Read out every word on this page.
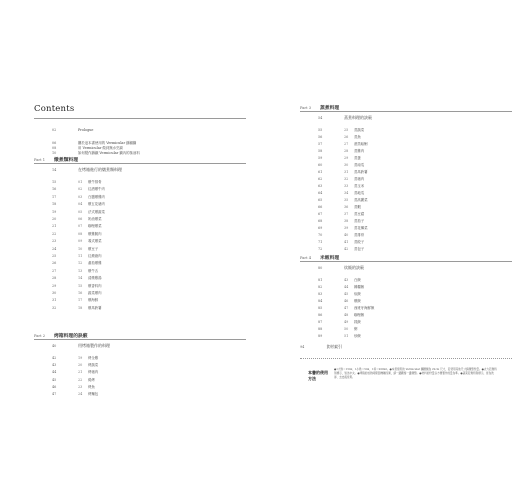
Contents
02	Prologue
06	關於這本書使用的 Vermicular 鑄鐵鍋
08	用 Vermicular 做到無水烹調
10	如何製作鑄鐵 Vermicular 鍋內的抹油料
Part 1 燉煮類料理
14	在烤箱進行的燉煮類料理
15	01 燉牛排骨
16	02 紅酒燉牛肉
17	03 白醬燉雞肉
18	04 燉五花豬肉
19	05 法式燉蔬菜
20	06 奶油燉菜
21	07 咖哩燉菜
22	08 燉雞腿肉
23	09 義式燉菜
24	10 燉豆子
25	11 紅燒豬肉
26	12 番茄燉雞
27	13 燉牛舌
28	14 清燉雞湯
29	15 燉香料肉
30	16 蔬菜燉肉
31	17 燉海鮮
32	18 燉馬鈴薯
Part 2 烤箱料理的訣竅
40	用烤箱製作的料理
42	19 烤全雞
43	20 烤蔬菜
44	21 烤豬肉
45	22 焗烤
46	23 烤魚
47	24 烤麵包
Part 3 蒸煮料理
54	蒸煮料理的訣竅
55	25 蒸蔬菜
56	26 蒸魚
57	27 酒蒸蛤蜊
58	28 蒸雞肉
59	29 蒸蛋
60	30 蒸南瓜
61	31 蒸馬鈴薯
62	32 蒸豬肉
63	33 蒸玉米
64	34 蒸地瓜
65	35 蒸高麗菜
66	36 蒸蝦
67	37 蒸豆腐
68	38 蒸茄子
69	39 蒸花椰菜
70	40 蒸排骨
71	41 蒸餃子
72	42 蒸包子
Part 4 米飯料理
80	炊飯的訣竅
81	43 白飯
82	44 雜糧飯
83	45 炊飯
84	46 燉飯
85	47 西班牙海鮮飯
86	48 咖哩飯
87	49 抓飯
88	50 粥
89	51 炒飯
94	食材索引
本書的使用方法
●1大匙＝15ml、1小匙＝5ml、1杯＝200ml。●本書使用的 Vermicular 鑄鐵鍋為 22cm 尺寸，若使用其他尺寸請調整份量。●火力若無特別標示，皆為中火。●烤箱的加熱時間因機種而異，請一邊觀察一邊調整。●材料的份量以方便製作的量為準。●蔬菜若無特別標示，皆為洗淨、去皮後使用。
